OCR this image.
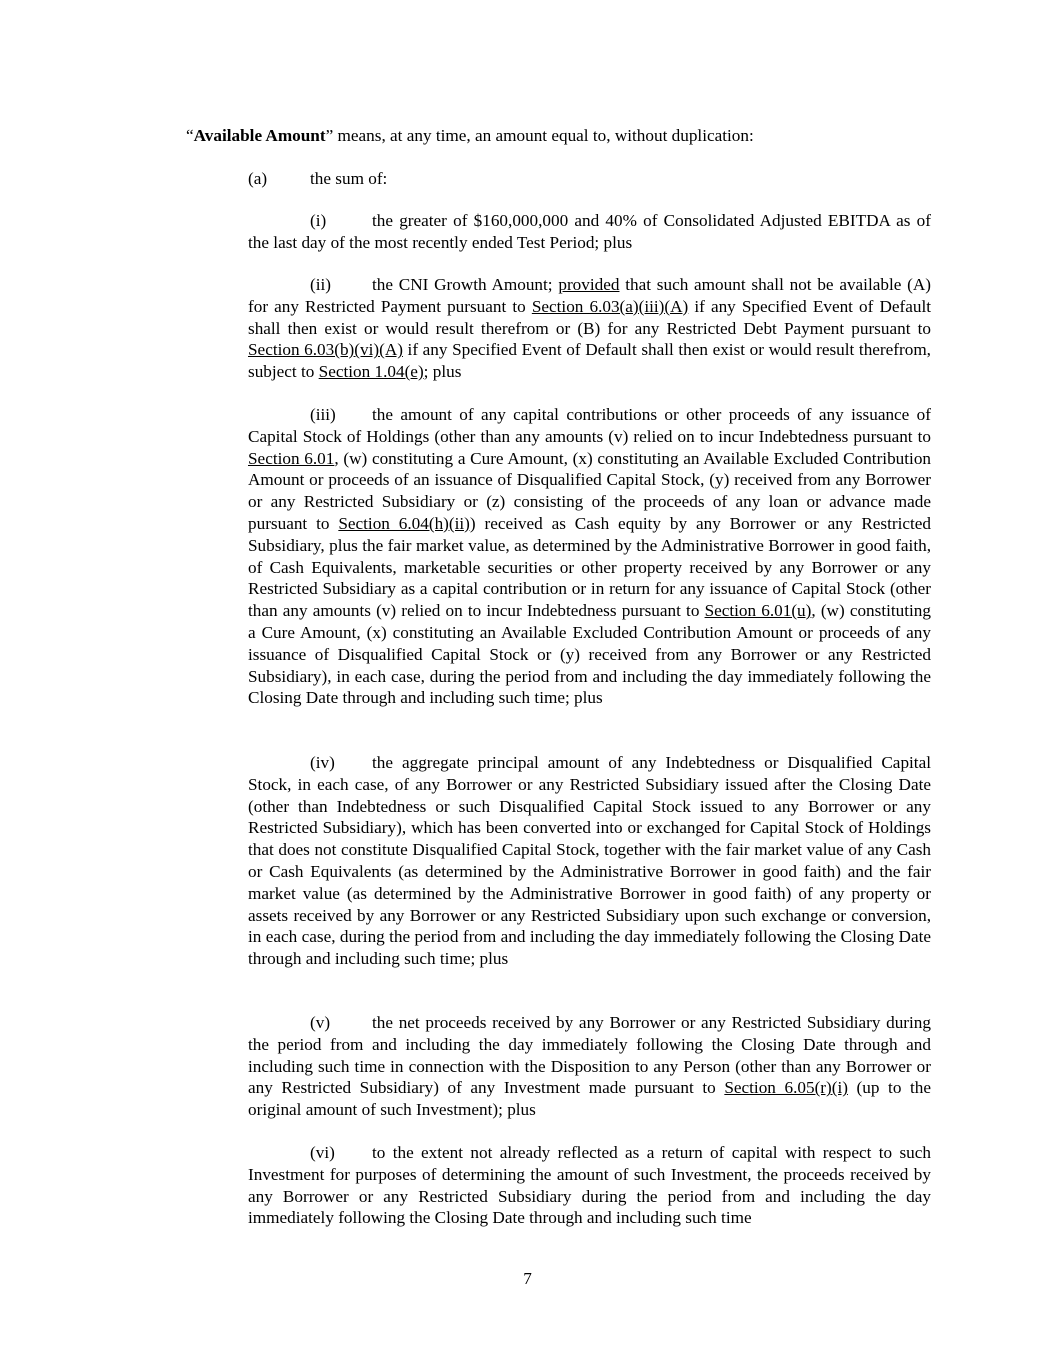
“Available Amount” means, at any time, an amount equal to, without duplication:
(a) the sum of:
(i)	the greater of $160,000,000 and 40% of Consolidated Adjusted EBITDA as of the last day of the most recently ended Test Period; plus
(ii) the CNI Growth Amount; provided that such amount shall not be available (A) for any Restricted Payment pursuant to Section 6.03(a)(iii)(A) if any Specified Event of Default shall then exist or would result therefrom or (B) for any Restricted Debt Payment pursuant to Section 6.03(b)(vi)(A) if any Specified Event of Default shall then exist or would result therefrom, subject to Section 1.04(e); plus
(iii) the amount of any capital contributions or other proceeds of any issuance of Capital Stock of Holdings (other than any amounts (v) relied on to incur Indebtedness pursuant to Section 6.01, (w) constituting a Cure Amount, (x) constituting an Available Excluded Contribution Amount or proceeds of an issuance of Disqualified Capital Stock, (y) received from any Borrower or any Restricted Subsidiary or (z) consisting of the proceeds of any loan or advance made pursuant to Section 6.04(h)(ii)) received as Cash equity by any Borrower or any Restricted Subsidiary, plus the fair market value, as determined by the Administrative Borrower in good faith, of Cash Equivalents, marketable securities or other property received by any Borrower or any Restricted Subsidiary as a capital contribution or in return for any issuance of Capital Stock (other than any amounts (v) relied on to incur Indebtedness pursuant to Section 6.01(u), (w) constituting a Cure Amount, (x) constituting an Available Excluded Contribution Amount or proceeds of any issuance of Disqualified Capital Stock or (y) received from any Borrower or any Restricted Subsidiary), in each case, during the period from and including the day immediately following the Closing Date through and including such time; plus
(iv) the aggregate principal amount of any Indebtedness or Disqualified Capital Stock, in each case, of any Borrower or any Restricted Subsidiary issued after the Closing Date (other than Indebtedness or such Disqualified Capital Stock issued to any Borrower or any Restricted Subsidiary), which has been converted into or exchanged for Capital Stock of Holdings that does not constitute Disqualified Capital Stock, together with the fair market value of any Cash or Cash Equivalents (as determined by the Administrative Borrower in good faith) and the fair market value (as determined by the Administrative Borrower in good faith) of any property or assets received by any Borrower or any Restricted Subsidiary upon such exchange or conversion, in each case, during the period from and including the day immediately following the Closing Date through and including such time; plus
(v) the net proceeds received by any Borrower or any Restricted Subsidiary during the period from and including the day immediately following the Closing Date through and including such time in connection with the Disposition to any Person (other than any Borrower or any Restricted Subsidiary) of any Investment made pursuant to Section 6.05(r)(i) (up to the original amount of such Investment); plus
(vi) to the extent not already reflected as a return of capital with respect to such Investment for purposes of determining the amount of such Investment, the proceeds received by any Borrower or any Restricted Subsidiary during the period from and including the day immediately following the Closing Date through and including such time
7
